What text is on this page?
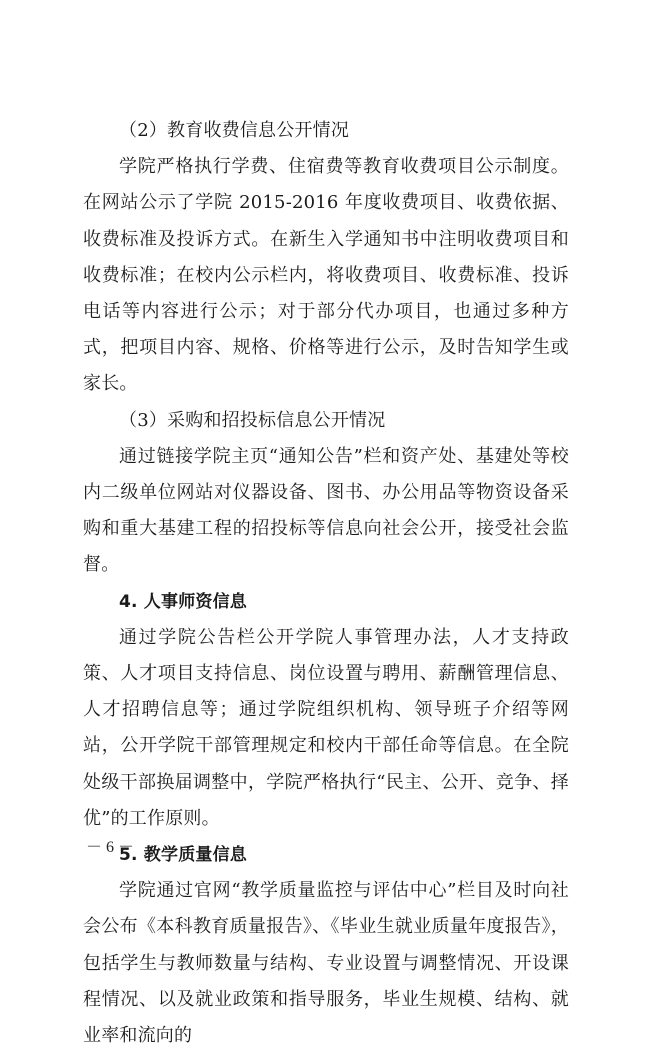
（2）教育收费信息公开情况

学院严格执行学费、住宿费等教育收费项目公示制度。在网站公示了学院 2015-2016 年度收费项目、收费依据、收费标准及投诉方式。在新生入学通知书中注明收费项目和收费标准；在校内公示栏内，将收费项目、收费标准、投诉电话等内容进行公示；对于部分代办项目，也通过多种方式，把项目内容、规格、价格等进行公示，及时告知学生或家长。

（3）采购和招投标信息公开情况

通过链接学院主页“通知公告”栏和资产处、基建处等校内二级单位网站对仪器设备、图书、办公用品等物资设备采购和重大基建工程的招投标等信息向社会公开，接受社会监督。

4. 人事师资信息

通过学院公告栏公开学院人事管理办法，人才支持政策、人才项目支持信息、岗位设置与聘用、薪酬管理信息、人才招聘信息等；通过学院组织机构、领导班子介绍等网站，公开学院干部管理规定和校内干部任命等信息。在全院处级干部换届调整中，学院严格执行“民主、公开、竞争、择优”的工作原则。

5. 教学质量信息

学院通过官网“教学质量监控与评估中心”栏目及时向社会公布《本科教育质量报告》、《毕业生就业质量年度报告》，包括学生与教师数量与结构、专业设置与调整情况、开设课程情况、以及就业政策和指导服务，毕业生规模、结构、就业率和流向的

－ 6 －
